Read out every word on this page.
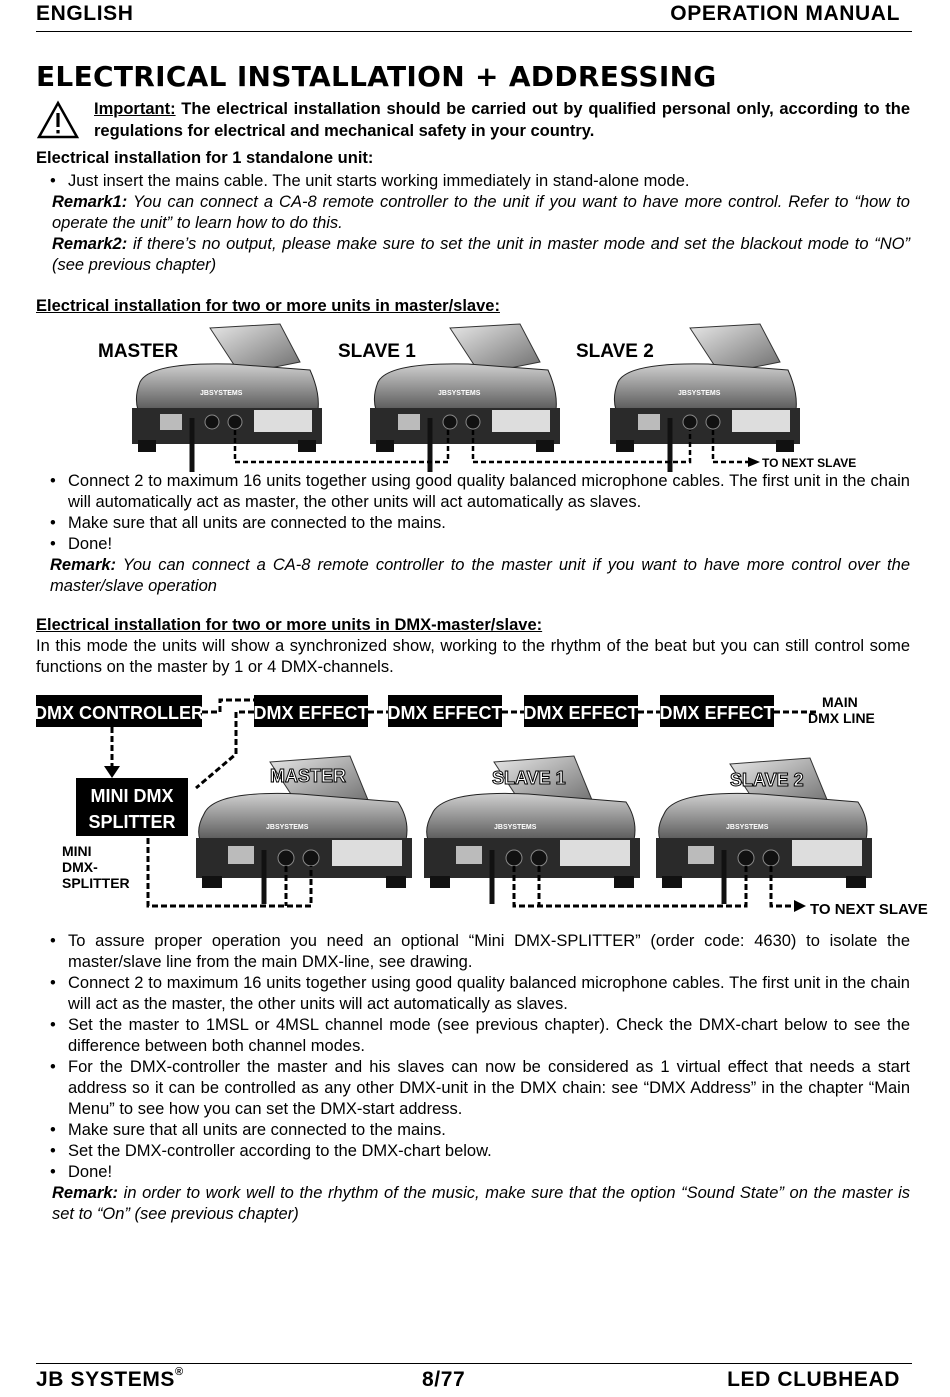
ENGLISH	OPERATION MANUAL
ELECTRICAL INSTALLATION + ADDRESSING
Important: The electrical installation should be carried out by qualified personal only, according to the regulations for electrical and mechanical safety in your country.
Electrical installation for 1 standalone unit:
• Just insert the mains cable. The unit starts working immediately in stand-alone mode.
Remark1: You can connect a CA-8 remote controller to the unit if you want to have more control. Refer to “how to operate the unit” to learn how to do this.
Remark2: if there’s no output, please make sure to set the unit in master mode and set the blackout mode to “NO” (see previous chapter)
Electrical installation for two or more units in master/slave:
MASTER	SLAVE 1	SLAVE 2
JBSYSTEMS	JBSYSTEMS	JBSYSTEMS
TO NEXT SLAVE
• Connect 2 to maximum 16 units together using good quality balanced microphone cables. The first unit in the chain will automatically act as master, the other units will act automatically as slaves.
• Make sure that all units are connected to the mains.
• Done!
Remark: You can connect a CA-8 remote controller to the master unit if you want to have more control over the master/slave operation
Electrical installation for two or more units in DMX-master/slave:
In this mode the units will show a synchronized show, working to the rhythm of the beat but you can still control some functions on the master by 1 or 4 DMX-channels.
DMX CONTROLLER	DMX EFFECT DMX EFFECT DMX EFFECT DMX EFFECT
MAIN
DMX LINE
MINI DMX
SPLITTER
MINI
DMX-
SPLITTER
JBSYSTEMS	JBSYSTEMS	JBSYSTEMS
MASTER	SLAVE 1	SLAVE 2
TO NEXT SLAVE
• To assure proper operation you need an optional “Mini DMX-SPLITTER” (order code: 4630) to isolate the master/slave line from the main DMX-line, see drawing.
• Connect 2 to maximum 16 units together using good quality balanced microphone cables. The first unit in the chain will act as the master, the other units will act automatically as slaves.
• Set the master to 1MSL or 4MSL channel mode (see previous chapter). Check the DMX-chart below to see the difference between both channel modes.
• For the DMX-controller the master and his slaves can now be considered as 1 virtual effect that needs a start address so it can be controlled as any other DMX-unit in the DMX chain: see “DMX Address” in the chapter “Main Menu” to see how you can set the DMX-start address.
• Make sure that all units are connected to the mains.
• Set the DMX-controller according to the DMX-chart below.
• Done!
Remark: in order to work well to the rhythm of the music, make sure that the option “Sound State” on the master is set to “On” (see previous chapter)
JB SYSTEMS®	8/77	LED CLUBHEAD
